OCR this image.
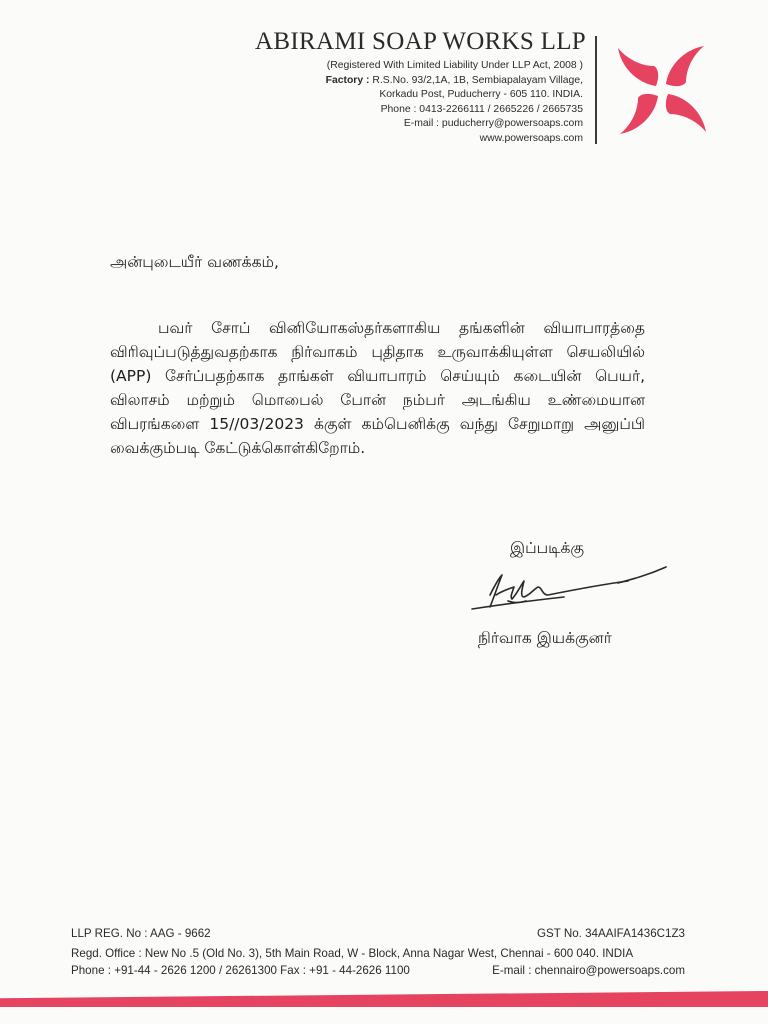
ABIRAMI SOAP WORKS LLP
(Registered With Limited Liability Under LLP Act, 2008 )
Factory : R.S.No. 93/2,1A, 1B, Sembiapalayam Village,
Korkadu Post, Puducherry - 605 110. INDIA.
Phone : 0413-2266111 / 2665226 / 2665735
E-mail : puducherry@powersoaps.com
www.powersoaps.com
அன்புடையீர் வணக்கம்,
பவர் சோப் வினியோகஸ்தர்களாகிய தங்களின் வியாபாரத்தை விரிவுப்படுத்துவதற்காக நிர்வாகம் புதிதாக உருவாக்கியுள்ள செயலியில் (APP) சேர்ப்பதற்காக தாங்கள் வியாபாரம் செய்யும் கடையின் பெயர், விலாசம் மற்றும் மொபைல் போன் நம்பர் அடங்கிய உண்மையான விபரங்களை 15//03/2023 க்குள் கம்பெனிக்கு வந்து சேறுமாறு அனுப்பி வைக்கும்படி கேட்டுக்கொள்கிறோம்.
இப்படிக்கு
நிர்வாக இயக்குனர்
LLP REG. No : AAG - 9662	GST No. 34AAIFA1436C1Z3
Regd. Office : New No .5 (Old No. 3), 5th Main Road, W - Block, Anna Nagar West, Chennai - 600 040. INDIA
Phone : +91-44 - 2626 1200 / 26261300 Fax : +91 - 44-2626 1100	E-mail : chennairo@powersoaps.com
